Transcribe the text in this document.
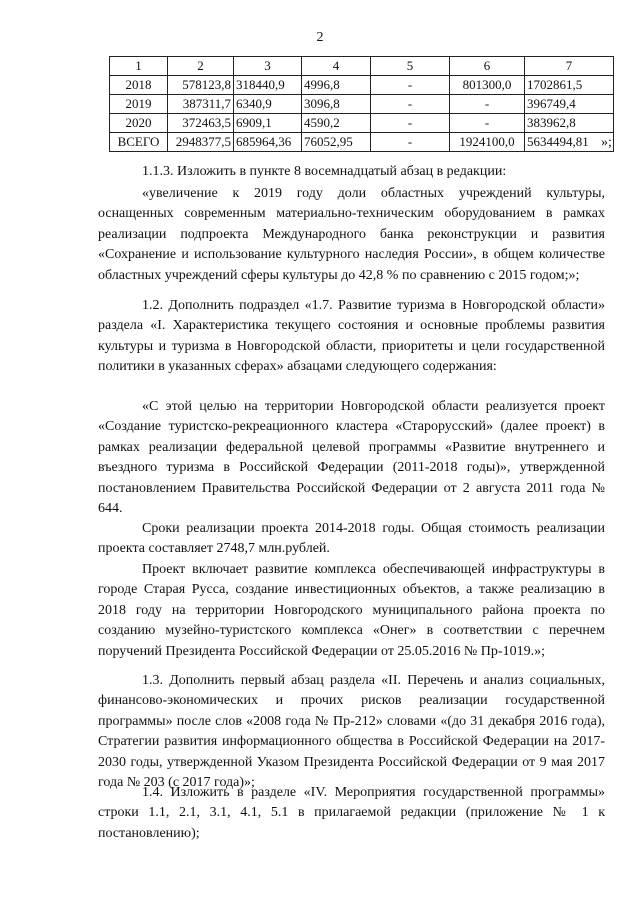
2
1	2	3	4	5	6	7
2018	578123,8	318440,9	4996,8	-	801300,0	1702861,5
2019	387311,7	6340,9	3096,8	-	-	396749,4
2020	372463,5	6909,1	4590,2	-	-	383962,8
ВСЕГО	2948377,5	685964,36	76052,95	-	1924100,0	5634494,81 »;

1.1.3. Изложить в пункте 8 восемнадцатый абзац в редакции:

«увеличение к 2019 году доли областных учреждений культуры, оснащенных современным материально-техническим оборудованием в рамках реализации подпроекта Международного банка реконструкции и развития «Сохранение и использование культурного наследия России», в общем количестве областных учреждений сферы культуры до 42,8 % по сравнению с 2015 годом;»;

1.2. Дополнить подраздел «1.7. Развитие туризма в Новгородской области» раздела «I. Характеристика текущего состояния и основные проблемы развития культуры и туризма в Новгородской области, приоритеты и цели государственной политики в указанных сферах» абзацами следующего содержания:

«С этой целью на территории Новгородской области реализуется проект «Создание туристско-рекреационного кластера «Старорусский» (далее проект) в рамках реализации федеральной целевой программы «Развитие внутреннего и въездного туризма в Российской Федерации (2011-2018 годы)», утвержденной постановлением Правительства Российской Федерации от 2 августа 2011 года № 644.

Сроки реализации проекта 2014-2018 годы. Общая стоимость реализации проекта составляет 2748,7 млн.рублей.

Проект включает развитие комплекса обеспечивающей инфраструктуры в городе Старая Русса, создание инвестиционных объектов, а также реализацию в 2018 году на территории Новгородского муниципального района проекта по созданию музейно-туристского комплекса «Онег» в соответствии с перечнем поручений Президента Российской Федерации от 25.05.2016 № Пр-1019.»;

1.3. Дополнить первый абзац раздела «II. Перечень и анализ социальных, финансово-экономических и прочих рисков реализации государственной программы» после слов «2008 года № Пр-212» словами «(до 31 декабря 2016 года), Стратегии развития информационного общества в Российской Федерации на 2017-2030 годы, утвержденной Указом Президента Российской Федерации от 9 мая 2017 года № 203 (с 2017 года)»;

1.4. Изложить в разделе «IV. Мероприятия государственной программы» строки 1.1, 2.1, 3.1, 4.1, 5.1 в прилагаемой редакции (приложение № 1 к постановлению);
